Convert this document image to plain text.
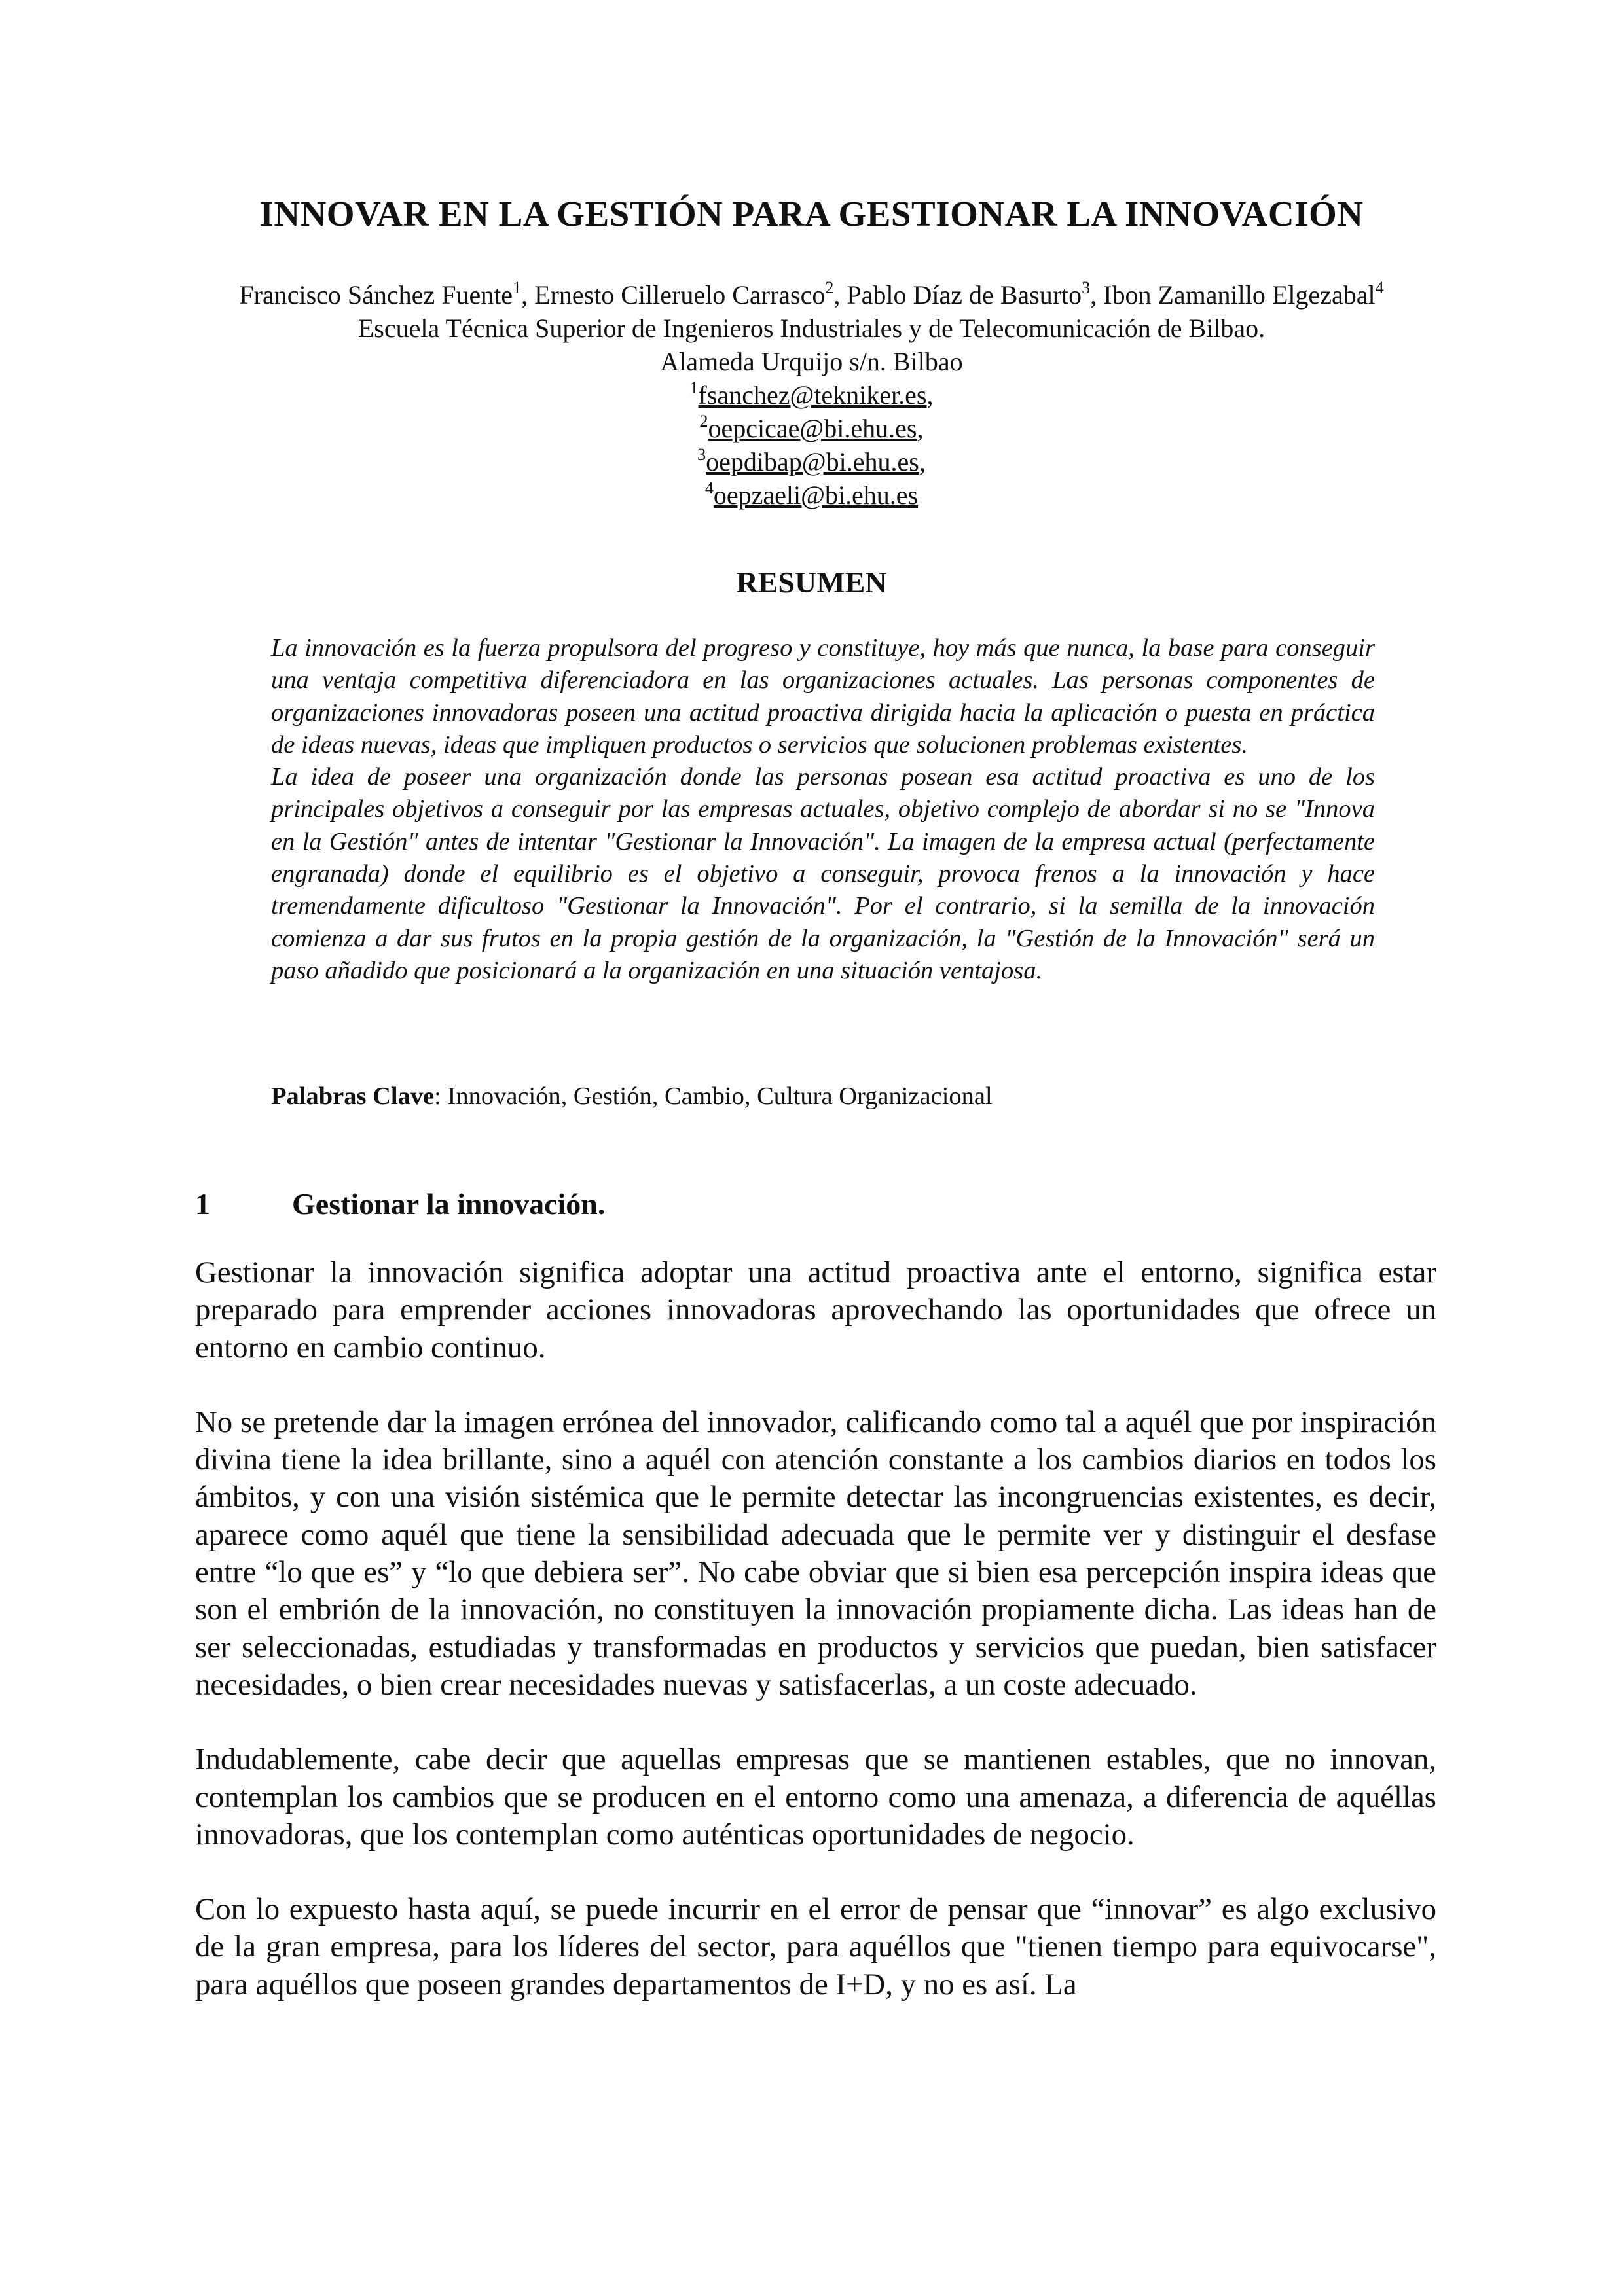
INNOVAR EN LA GESTIÓN PARA GESTIONAR LA INNOVACIÓN
Francisco Sánchez Fuente$^1$, Ernesto Cilleruelo Carrasco$^2$, Pablo Díaz de Basurto$^3$, Ibon Zamanillo Elgezabal$^4$
Escuela Técnica Superior de Ingenieros Industriales y de Telecomunicación de Bilbao.
Alameda Urquijo s/n. Bilbao
$^1$fsanchez@tekniker.es,
$^2$oepcicae@bi.ehu.es,
$^3$oepdibap@bi.ehu.es,
$^4$oepzaeli@bi.ehu.es
RESUMEN

La innovación es la fuerza propulsora del progreso y constituye, hoy más que nunca, la base para conseguir una ventaja competitiva diferenciadora en las organizaciones actuales. Las personas componentes de organizaciones innovadoras poseen una actitud proactiva dirigida hacia la aplicación o puesta en práctica de ideas nuevas, ideas que impliquen productos o servicios que solucionen problemas existentes.

La idea de poseer una organización donde las personas posean esa actitud proactiva es uno de los principales objetivos a conseguir por las empresas actuales, objetivo complejo de abordar si no se "Innova en la Gestión" antes de intentar "Gestionar la Innovación". La imagen de la empresa actual (perfectamente engranada) donde el equilibrio es el objetivo a conseguir, provoca frenos a la innovación y hace tremendamente dificultoso "Gestionar la Innovación". Por el contrario, si la semilla de la innovación comienza a dar sus frutos en la propia gestión de la organización, la "Gestión de la Innovación" será un paso añadido que posicionará a la organización en una situación ventajosa.

Palabras Clave: Innovación, Gestión, Cambio, Cultura Organizacional
1	Gestionar la innovación.

Gestionar la innovación significa adoptar una actitud proactiva ante el entorno, significa estar preparado para emprender acciones innovadoras aprovechando las oportunidades que ofrece un entorno en cambio continuo.

No se pretende dar la imagen errónea del innovador, calificando como tal a aquél que por inspiración divina tiene la idea brillante, sino a aquél con atención constante a los cambios diarios en todos los ámbitos, y con una visión sistémica que le permite detectar las incongruencias existentes, es decir, aparece como aquél que tiene la sensibilidad adecuada que le permite ver y distinguir el desfase entre “lo que es” y “lo que debiera ser”. No cabe obviar que si bien esa percepción inspira ideas que son el embrión de la innovación, no constituyen la innovación propiamente dicha. Las ideas han de ser seleccionadas, estudiadas y transformadas en productos y servicios que puedan, bien satisfacer necesidades, o bien crear necesidades nuevas y satisfacerlas, a un coste adecuado.

Indudablemente, cabe decir que aquellas empresas que se mantienen estables, que no innovan, contemplan los cambios que se producen en el entorno como una amenaza, a diferencia de aquéllas innovadoras, que los contemplan como auténticas oportunidades de negocio.

Con lo expuesto hasta aquí, se puede incurrir en el error de pensar que “innovar” es algo exclusivo de la gran empresa, para los líderes del sector, para aquéllos que "tienen tiempo para equivocarse", para aquéllos que poseen grandes departamentos de I+D, y no es así. La
